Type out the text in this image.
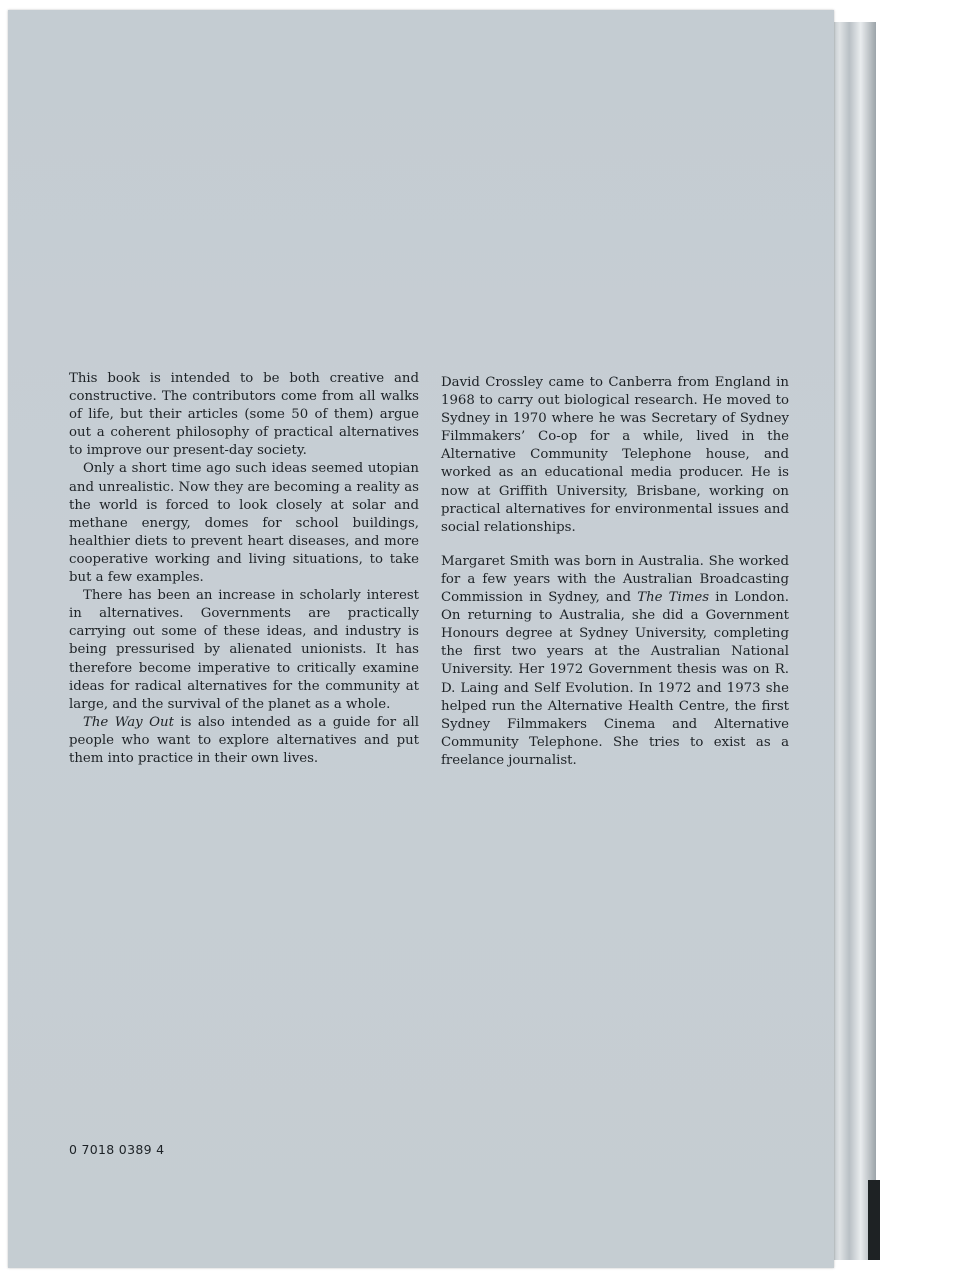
This book is intended to be both creative and constructive. The contributors come from all walks of life, but their articles (some 50 of them) argue out a coherent philosophy of practical alternatives to improve our present-day society.

Only a short time ago such ideas seemed utopian and unrealistic. Now they are becoming a reality as the world is forced to look closely at solar and methane energy, domes for school buildings, healthier diets to prevent heart diseases, and more cooperative working and living situations, to take but a few examples.

There has been an increase in scholarly interest in alternatives. Governments are practically carrying out some of these ideas, and industry is being pressurised by alienated unionists. It has therefore become imperative to critically examine ideas for radical alternatives for the community at large, and the survival of the planet as a whole.

The Way Out is also intended as a guide for all people who want to explore alternatives and put them into practice in their own lives.

David Crossley came to Canberra from England in 1968 to carry out biological research. He moved to Sydney in 1970 where he was Secretary of Sydney Filmmakers’ Co-op for a while, lived in the Alternative Community Telephone house, and worked as an educational media producer. He is now at Griffith University, Brisbane, working on practical alternatives for environmental issues and social relationships.

Margaret Smith was born in Australia. She worked for a few years with the Australian Broadcasting Commission in Sydney, and The Times in London. On returning to Australia, she did a Government Honours degree at Sydney University, completing the first two years at the Australian National University. Her 1972 Government thesis was on R. D. Laing and Self Evolution. In 1972 and 1973 she helped run the Alternative Health Centre, the first Sydney Filmmakers Cinema and Alternative Community Telephone. She tries to exist as a freelance journalist.

0 7018 0389 4
